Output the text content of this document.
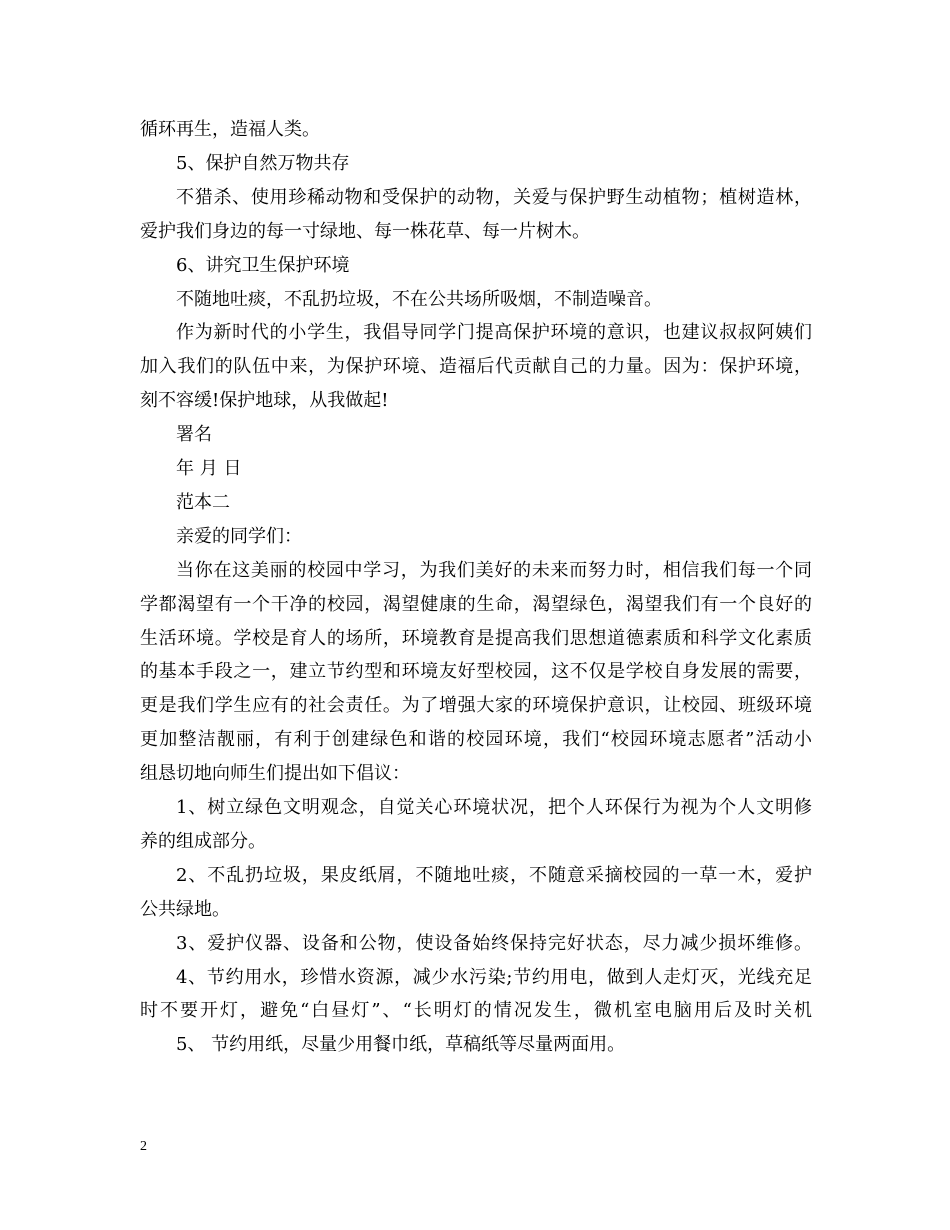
循环再生，造福人类。
5、保护自然万物共存
不猎杀、使用珍稀动物和受保护的动物，关爱与保护野生动植物；植树造林，
爱护我们身边的每一寸绿地、每一株花草、每一片树木。
6、讲究卫生保护环境
不随地吐痰，不乱扔垃圾，不在公共场所吸烟，不制造噪音。
作为新时代的小学生，我倡导同学门提高保护环境的意识，也建议叔叔阿姨们
加入我们的队伍中来，为保护环境、造福后代贡献自己的力量。因为：保护环境，
刻不容缓!保护地球，从我做起!
署名
年 月 日
范本二
亲爱的同学们：
当你在这美丽的校园中学习，为我们美好的未来而努力时，相信我们每一个同
学都渴望有一个干净的校园，渴望健康的生命，渴望绿色，渴望我们有一个良好的
生活环境。学校是育人的场所，环境教育是提高我们思想道德素质和科学文化素质
的基本手段之一，建立节约型和环境友好型校园，这不仅是学校自身发展的需要，
更是我们学生应有的社会责任。为了增强大家的环境保护意识，让校园、班级环境
更加整洁靓丽，有利于创建绿色和谐的校园环境，我们“校园环境志愿者”活动小
组恳切地向师生们提出如下倡议：
1、树立绿色文明观念，自觉关心环境状况，把个人环保行为视为个人文明修
养的组成部分。
2、不乱扔垃圾，果皮纸屑，不随地吐痰，不随意采摘校园的一草一木，爱护
公共绿地。
3、爱护仪器、设备和公物，使设备始终保持完好状态，尽力减少损坏维修。
4、节约用水，珍惜水资源，减少水污染;节约用电，做到人走灯灭，光线充足
时不要开灯，避免“白昼灯”、“长明灯的情况发生，微机室电脑用后及时关机
5、 节约用纸，尽量少用餐巾纸，草稿纸等尽量两面用。
2
